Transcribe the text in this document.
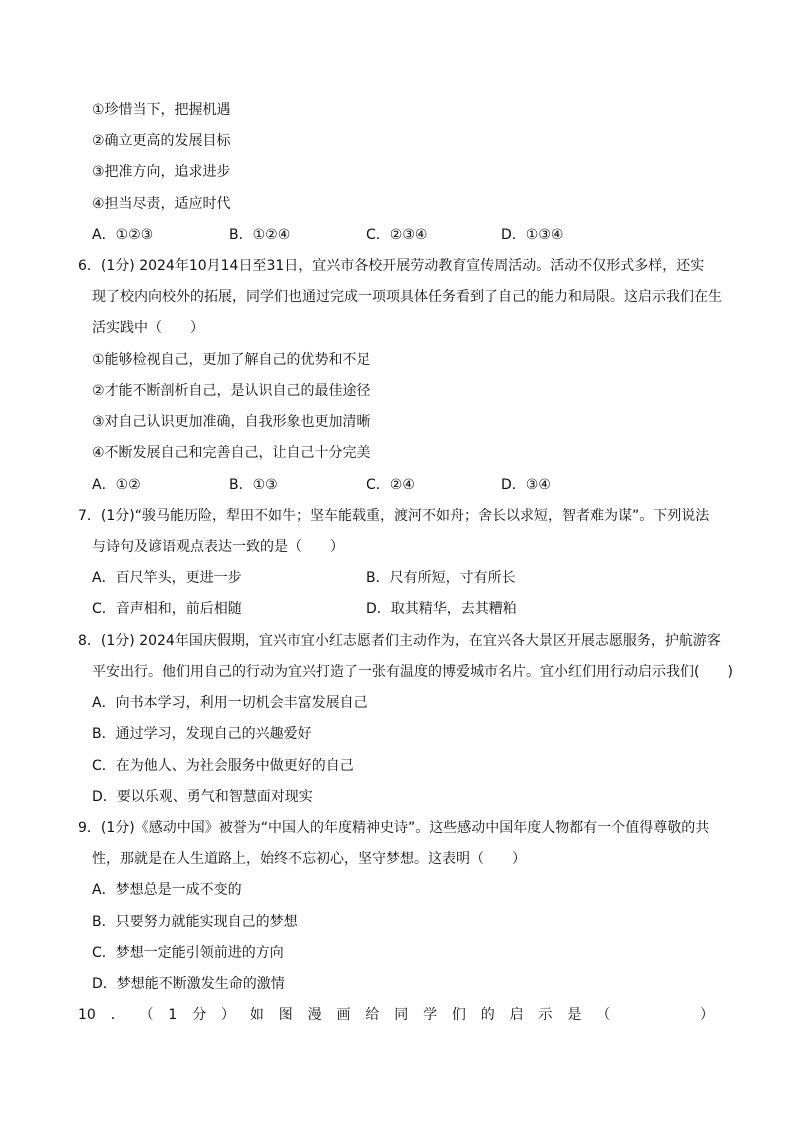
①珍惜当下，把握机遇
②确立更高的发展目标
③把准方向，追求进步
④担当尽责，适应时代
A．①②③	B．①②④	C．②③④	D．①③④
6．(1分) 2024年10月14日至31日，宜兴市各校开展劳动教育宣传周活动。活动不仅形式多样，还实
现了校内向校外的拓展，同学们也通过完成一项项具体任务看到了自己的能力和局限。这启示我们在生
活实践中（　　）
①能够检视自己，更加了解自己的优势和不足
②才能不断剖析自己，是认识自己的最佳途径
③对自己认识更加准确，自我形象也更加清晰
④不断发展自己和完善自己，让自己十分完美
A．①②	B．①③	C．②④	D．③④
7．(1分)“骏马能历险，犁田不如牛；坚车能载重，渡河不如舟；舍长以求短，智者难为谋”。下列说法
与诗句及谚语观点表达一致的是（　　）
A．百尺竿头，更进一步	B．尺有所短，寸有所长
C．音声相和，前后相随	D．取其精华，去其糟粕
8．(1分) 2024年国庆假期，宜兴市宜小红志愿者们主动作为，在宜兴各大景区开展志愿服务，护航游客
平安出行。他们用自己的行动为宜兴打造了一张有温度的博爱城市名片。宜小红们用行动启示我们(　　)
A．向书本学习，利用一切机会丰富发展自己
B．通过学习，发现自己的兴趣爱好
C．在为他人、为社会服务中做更好的自己
D．要以乐观、勇气和智慧面对现实
9．(1分)《感动中国》被誉为“中国人的年度精神史诗”。这些感动中国年度人物都有一个值得尊敬的共
性，那就是在人生道路上，始终不忘初心，坚守梦想。这表明（　　）
A．梦想总是一成不变的
B．只要努力就能实现自己的梦想
C．梦想一定能引领前进的方向
D．梦想能不断激发生命的激情
10 ． （ 1 分 ） 如 图 漫 画 给 同 学 们 的 启 示 是 （	）
